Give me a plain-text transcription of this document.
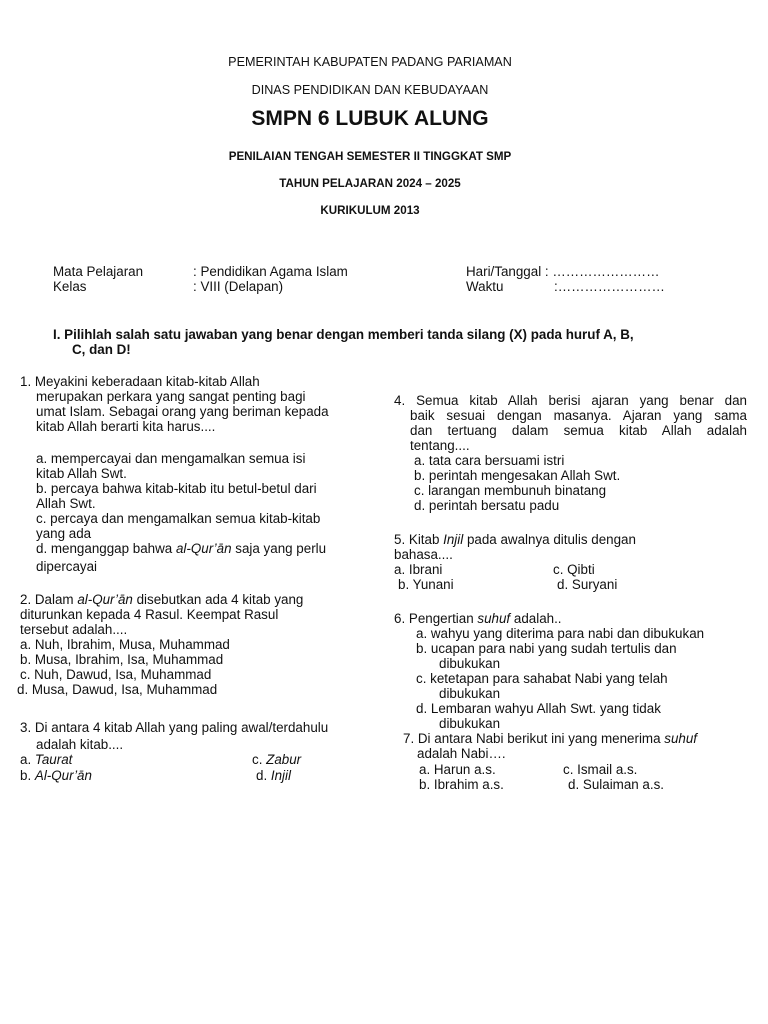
PEMERINTAH KABUPATEN PADANG PARIAMAN
DINAS PENDIDIKAN DAN KEBUDAYAAN
SMPN 6 LUBUK ALUNG
PENILAIAN TENGAH SEMESTER II TINGGKAT SMP
TAHUN PELAJARAN 2024 – 2025
KURIKULUM 2013
Mata Pelajaran	: Pendidikan Agama Islam
Kelas	: VIII (Delapan)
Hari/Tanggal : ……………………
Waktu	:……………………
I. Pilihlah salah satu jawaban yang benar dengan memberi tanda silang (X) pada huruf A, B,
C, dan D!
1. Meyakini keberadaan kitab-kitab Allah
merupakan perkara yang sangat penting bagi
umat Islam. Sebagai orang yang beriman kepada
kitab Allah berarti kita harus....
a. mempercayai dan mengamalkan semua isi
kitab Allah Swt.
b. percaya bahwa kitab-kitab itu betul-betul dari
Allah Swt.
c. percaya dan mengamalkan semua kitab-kitab
yang ada
d. menganggap bahwa al-Qur’ān saja yang perlu
dipercayai
2. Dalam al-Qur’ān disebutkan ada 4 kitab yang
diturunkan kepada 4 Rasul. Keempat Rasul
tersebut adalah....
a. Nuh, Ibrahim, Musa, Muhammad
b. Musa, Ibrahim, Isa, Muhammad
c. Nuh, Dawud, Isa, Muhammad
d. Musa, Dawud, Isa, Muhammad
3. Di antara 4 kitab Allah yang paling awal/terdahulu
adalah kitab....
a. Taurat	c. Zabur
b. Al-Qur’ān	d. Injil
4. Semua kitab Allah berisi ajaran yang benar dan
baik sesuai dengan masanya. Ajaran yang sama
dan tertuang dalam semua kitab Allah adalah
tentang....
a. tata cara bersuami istri
b. perintah mengesakan Allah Swt.
c. larangan membunuh binatang
d. perintah bersatu padu
5. Kitab Injil pada awalnya ditulis dengan
bahasa....
a. Ibrani	c. Qibti
b. Yunani	d. Suryani
6. Pengertian suhuf adalah..
a. wahyu yang diterima para nabi dan dibukukan
b. ucapan para nabi yang sudah tertulis dan
dibukukan
c. ketetapan para sahabat Nabi yang telah
dibukukan
d. Lembaran wahyu Allah Swt. yang tidak
dibukukan
7. Di antara Nabi berikut ini yang menerima suhuf
adalah Nabi….
a. Harun a.s.	c. Ismail a.s.
b. Ibrahim a.s.	d. Sulaiman a.s.
